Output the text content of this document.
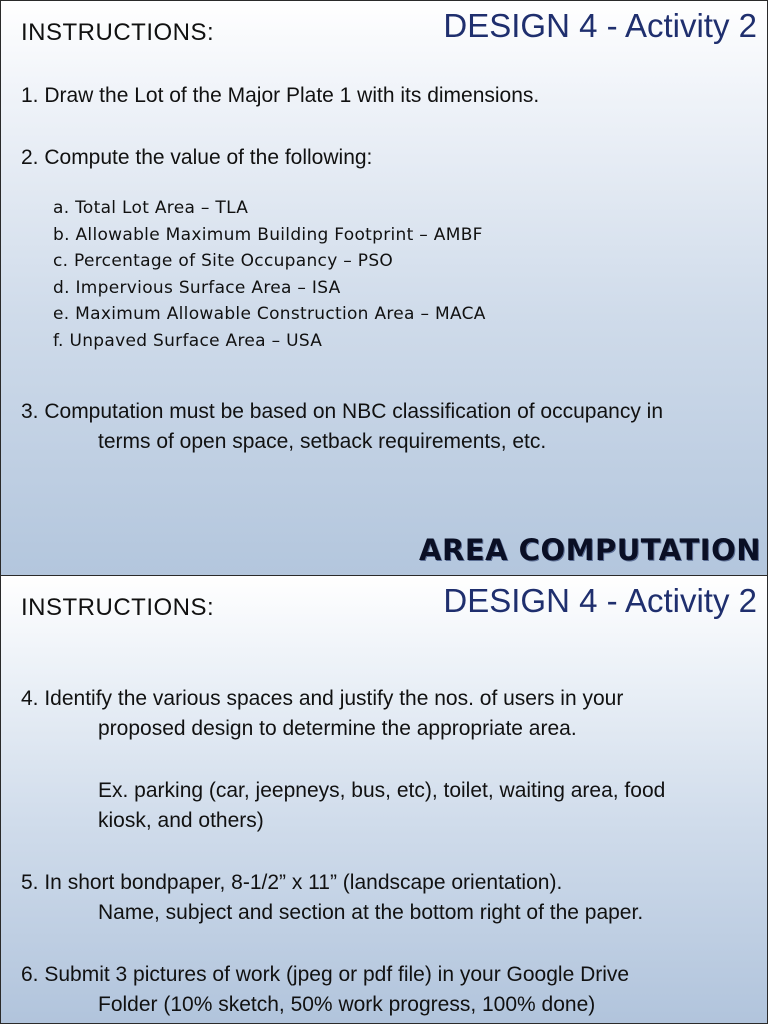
INSTRUCTIONS:	DESIGN 4 - Activity 2
1. Draw the Lot of the Major Plate 1 with its dimensions.
2. Compute the value of the following:
a. Total Lot Area – TLA
b. Allowable Maximum Building Footprint – AMBF
c. Percentage of Site Occupancy – PSO
d. Impervious Surface Area – ISA
e. Maximum Allowable Construction Area – MACA
f. Unpaved Surface Area – USA
3. Computation must be based on NBC classification of occupancy in
terms of open space, setback requirements, etc.
AREA COMPUTATION
INSTRUCTIONS:	DESIGN 4 - Activity 2
4. Identify the various spaces and justify the nos. of users in your
proposed design to determine the appropriate area.
Ex. parking (car, jeepneys, bus, etc), toilet, waiting area, food
kiosk, and others)
5. In short bondpaper, 8-1/2” x 11” (landscape orientation).
Name, subject and section at the bottom right of the paper.
6. Submit 3 pictures of work (jpeg or pdf file) in your Google Drive
Folder (10% sketch, 50% work progress, 100% done)
